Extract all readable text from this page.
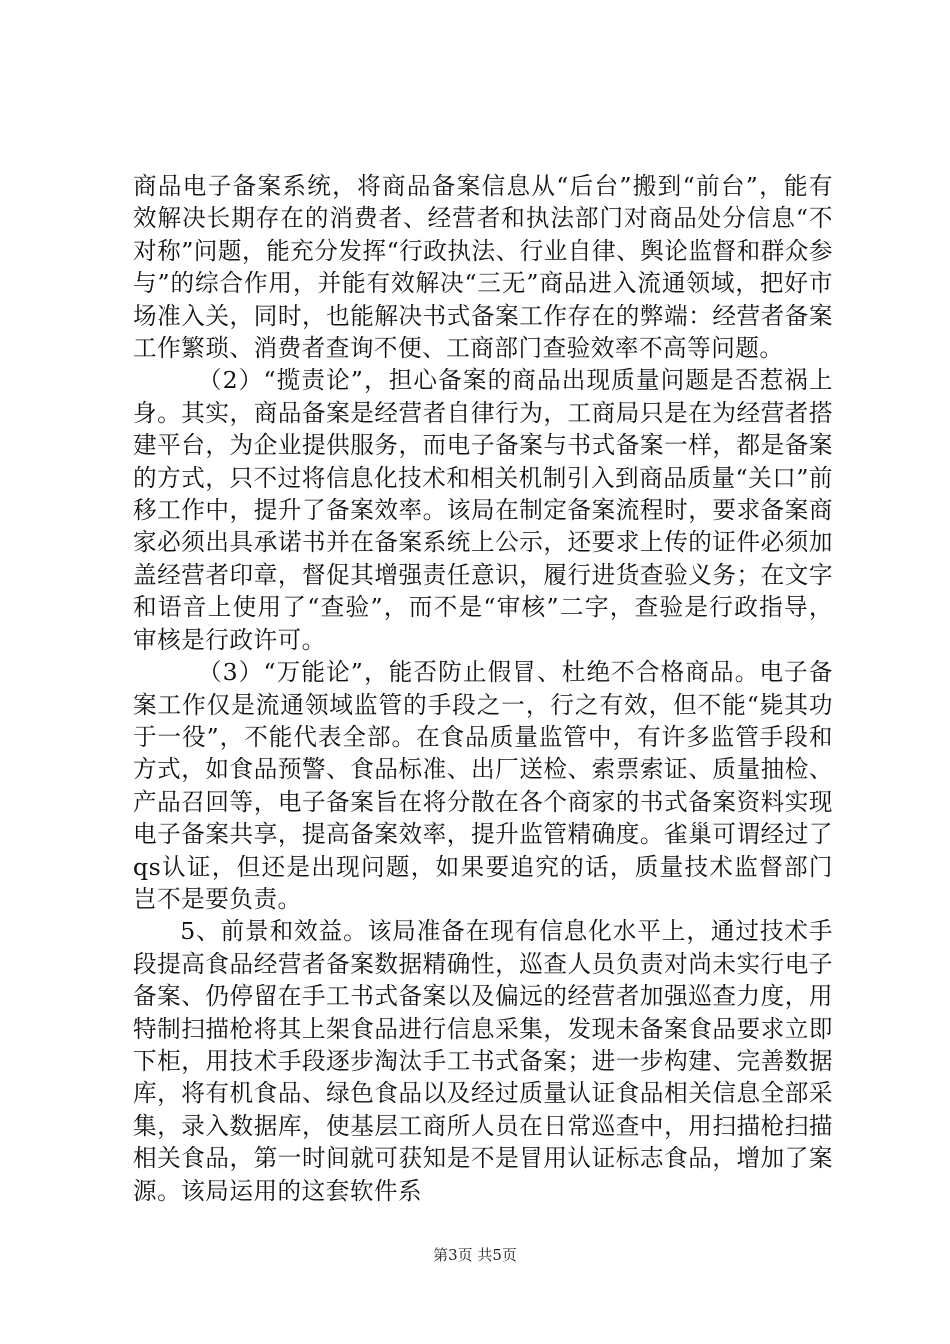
商品电子备案系统，将商品备案信息从“后台”搬到“前台”，能有效解决长期存在的消费者、经营者和执法部门对商品处分信息“不对称”问题，能充分发挥“行政执法、行业自律、舆论监督和群众参与”的综合作用，并能有效解决“三无”商品进入流通领域，把好市场准入关，同时，也能解决书式备案工作存在的弊端：经营者备案工作繁琐、消费者查询不便、工商部门查验效率不高等问题。

（2）“揽责论”，担心备案的商品出现质量问题是否惹祸上身。其实，商品备案是经营者自律行为，工商局只是在为经营者搭建平台，为企业提供服务，而电子备案与书式备案一样，都是备案的方式，只不过将信息化技术和相关机制引入到商品质量“关口”前移工作中，提升了备案效率。该局在制定备案流程时，要求备案商家必须出具承诺书并在备案系统上公示，还要求上传的证件必须加盖经营者印章，督促其增强责任意识，履行进货查验义务；在文字和语音上使用了“查验”，而不是“审核”二字，查验是行政指导，审核是行政许可。

（3）“万能论”，能否防止假冒、杜绝不合格商品。电子备案工作仅是流通领域监管的手段之一，行之有效，但不能“毙其功于一役”，不能代表全部。在食品质量监管中，有许多监管手段和方式，如食品预警、食品标准、出厂送检、索票索证、质量抽检、产品召回等，电子备案旨在将分散在各个商家的书式备案资料实现电子备案共享，提高备案效率，提升监管精确度。雀巢可谓经过了qs认证，但还是出现问题，如果要追究的话，质量技术监督部门岂不是要负责。

5、前景和效益。该局准备在现有信息化水平上，通过技术手段提高食品经营者备案数据精确性，巡查人员负责对尚未实行电子备案、仍停留在手工书式备案以及偏远的经营者加强巡查力度，用特制扫描枪将其上架食品进行信息采集，发现未备案食品要求立即下柜，用技术手段逐步淘汰手工书式备案；进一步构建、完善数据库，将有机食品、绿色食品以及经过质量认证食品相关信息全部采集，录入数据库，使基层工商所人员在日常巡查中，用扫描枪扫描相关食品，第一时间就可获知是不是冒用认证标志食品，增加了案源。该局运用的这套软件系

第3页 共5页
